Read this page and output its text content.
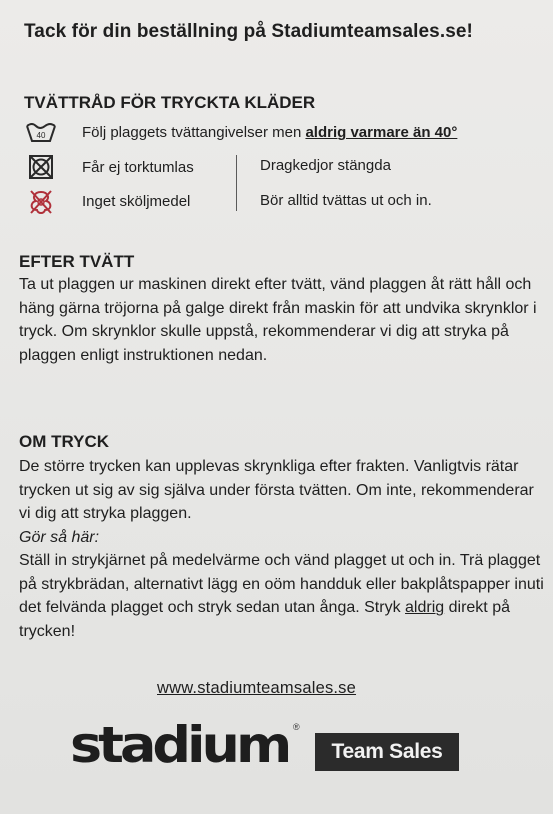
Tack för din beställning på Stadiumteamsales.se!
TVÄTTRÅD FÖR TRYCKTA KLÄDER
40 Följ plaggets tvättangivelser men aldrig varmare än 40°
Får ej torktumlas
Inget sköljmedel
Dragkedjor stängda
Bör alltid tvättas ut och in.
EFTER TVÄTT
Ta ut plaggen ur maskinen direkt efter tvätt, vänd plaggen åt rätt håll och häng gärna tröjorna på galge direkt från maskin för att undvika skrynklor i tryck. Om skrynklor skulle uppstå, rekommenderar vi dig att stryka på plaggen enligt instruktionen nedan.
OM TRYCK

De större trycken kan upplevas skrynkliga efter frakten. Vanligtvis rätar trycken ut sig av sig själva under första tvätten. Om inte, rekommenderar vi dig att stryka plaggen.

Gör så här:

Ställ in strykjärnet på medelvärme och vänd plagget ut och in. Trä plagget på strykbrädan, alternativt lägg en oöm handduk eller bakplåtspapper inuti det felvända plagget och stryk sedan utan ånga. Stryk aldrig direkt på trycken!

www.stadiumteamsales.se
stadium ®
Team Sales
